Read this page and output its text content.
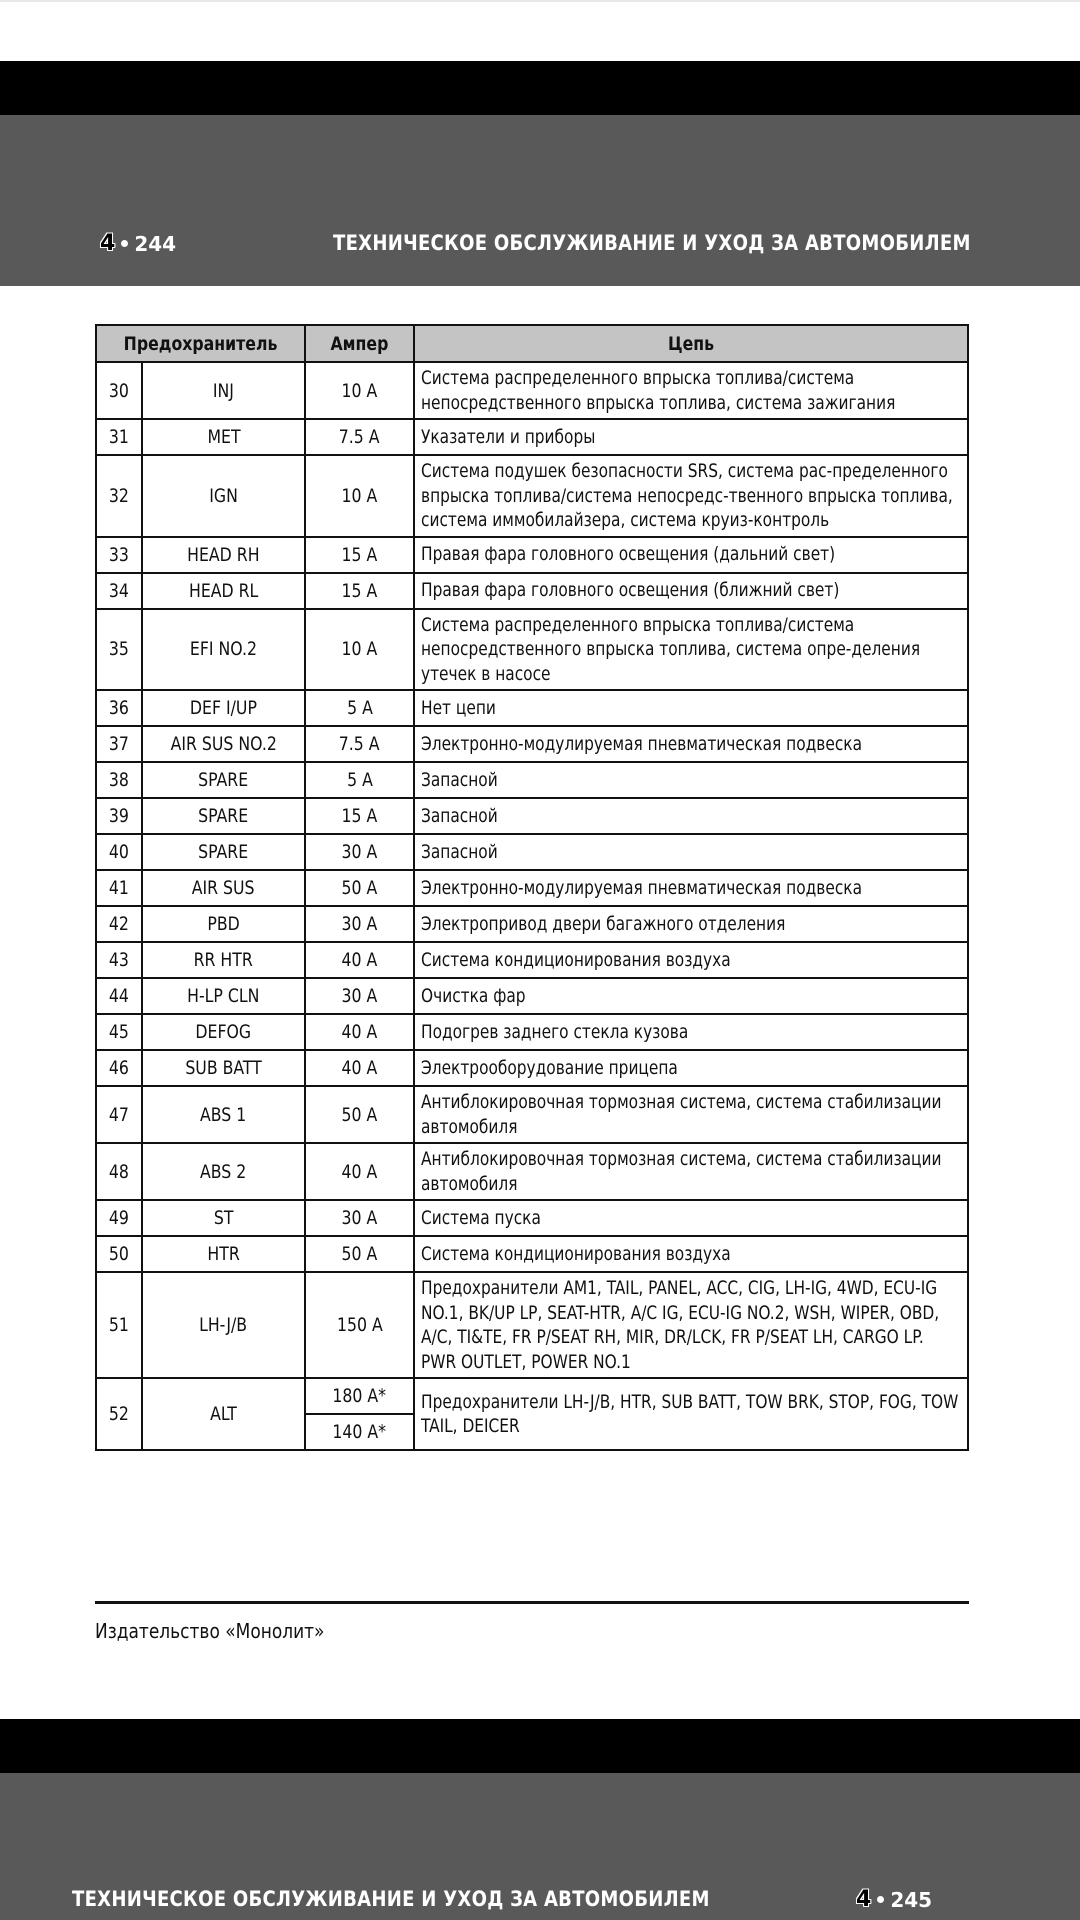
4 244	ТЕХНИЧЕСКОЕ ОБСЛУЖИВАНИЕ И УХОД ЗА АВТОМОБИЛЕМ
Предохранитель		Ампер	Цепь
30	INJ	10 A	Система распределенного впрыска топлива/система непосредственного впрыска топлива, система зажигания

31	MET	7.5 A	Указатели и приборы

32	IGN	10 A	Система подушек безопасности SRS, система рас-пределенного впрыска топлива/система непосредс-твенного впрыска топлива, система иммобилайзера, система круиз-контроль

33	HEAD RH	15 A	Правая фара головного освещения (дальний свет)

34	HEAD RL	15 A	Правая фара головного освещения (ближний свет)

35	EFI NO.2	10 A	Система распределенного впрыска топлива/система непосредственного впрыска топлива, система опре-деления утечек в насосе

36	DEF I/UP	5 A	Нет цепи

37	AIR SUS NO.2	7.5 A	Электронно-модулируемая пневматическая подвеска

38	SPARE	5 A	Запасной

39	SPARE	15 A	Запасной

40	SPARE	30 A	Запасной

41	AIR SUS	50 A	Электронно-модулируемая пневматическая подвеска

42	PBD	30 A	Электропривод двери багажного отделения

43	RR HTR	40 A	Система кондиционирования воздуха

44	H-LP CLN	30 A	Очистка фар

45	DEFOG	40 A	Подогрев заднего стекла кузова

46	SUB BATT	40 A	Электрооборудование прицепа

47	ABS 1	50 A	Антиблокировочная тормозная система, система стабилизации автомобиля

48	ABS 2	40 A	Антиблокировочная тормозная система, система стабилизации автомобиля

49	ST	30 A	Система пуска

50	HTR	50 A	Система кондиционирования воздуха

51	LH-J/B	150 A	Предохранители AM1, TAIL, PANEL, ACC, CIG, LH-IG, 4WD, ECU-IG NO.1, BK/UP LP, SEAT-HTR, A/C IG, ECU-IG NO.2, WSH, WIPER, OBD, A/C, TI&TE, FR P/SEAT RH, MIR, DR/LCK, FR P/SEAT LH, CARGO LP. PWR OUTLET, POWER NO.1

52	ALT	180 A*	Предохранители LH-J/B, HTR, SUB BATT, TOW BRK, STOP, FOG, TOW TAIL, DEICER

		140 A*	
Издательство «Монолит»
ТЕХНИЧЕСКОЕ ОБСЛУЖИВАНИЕ И УХОД ЗА АВТОМОБИЛЕМ	4 245
